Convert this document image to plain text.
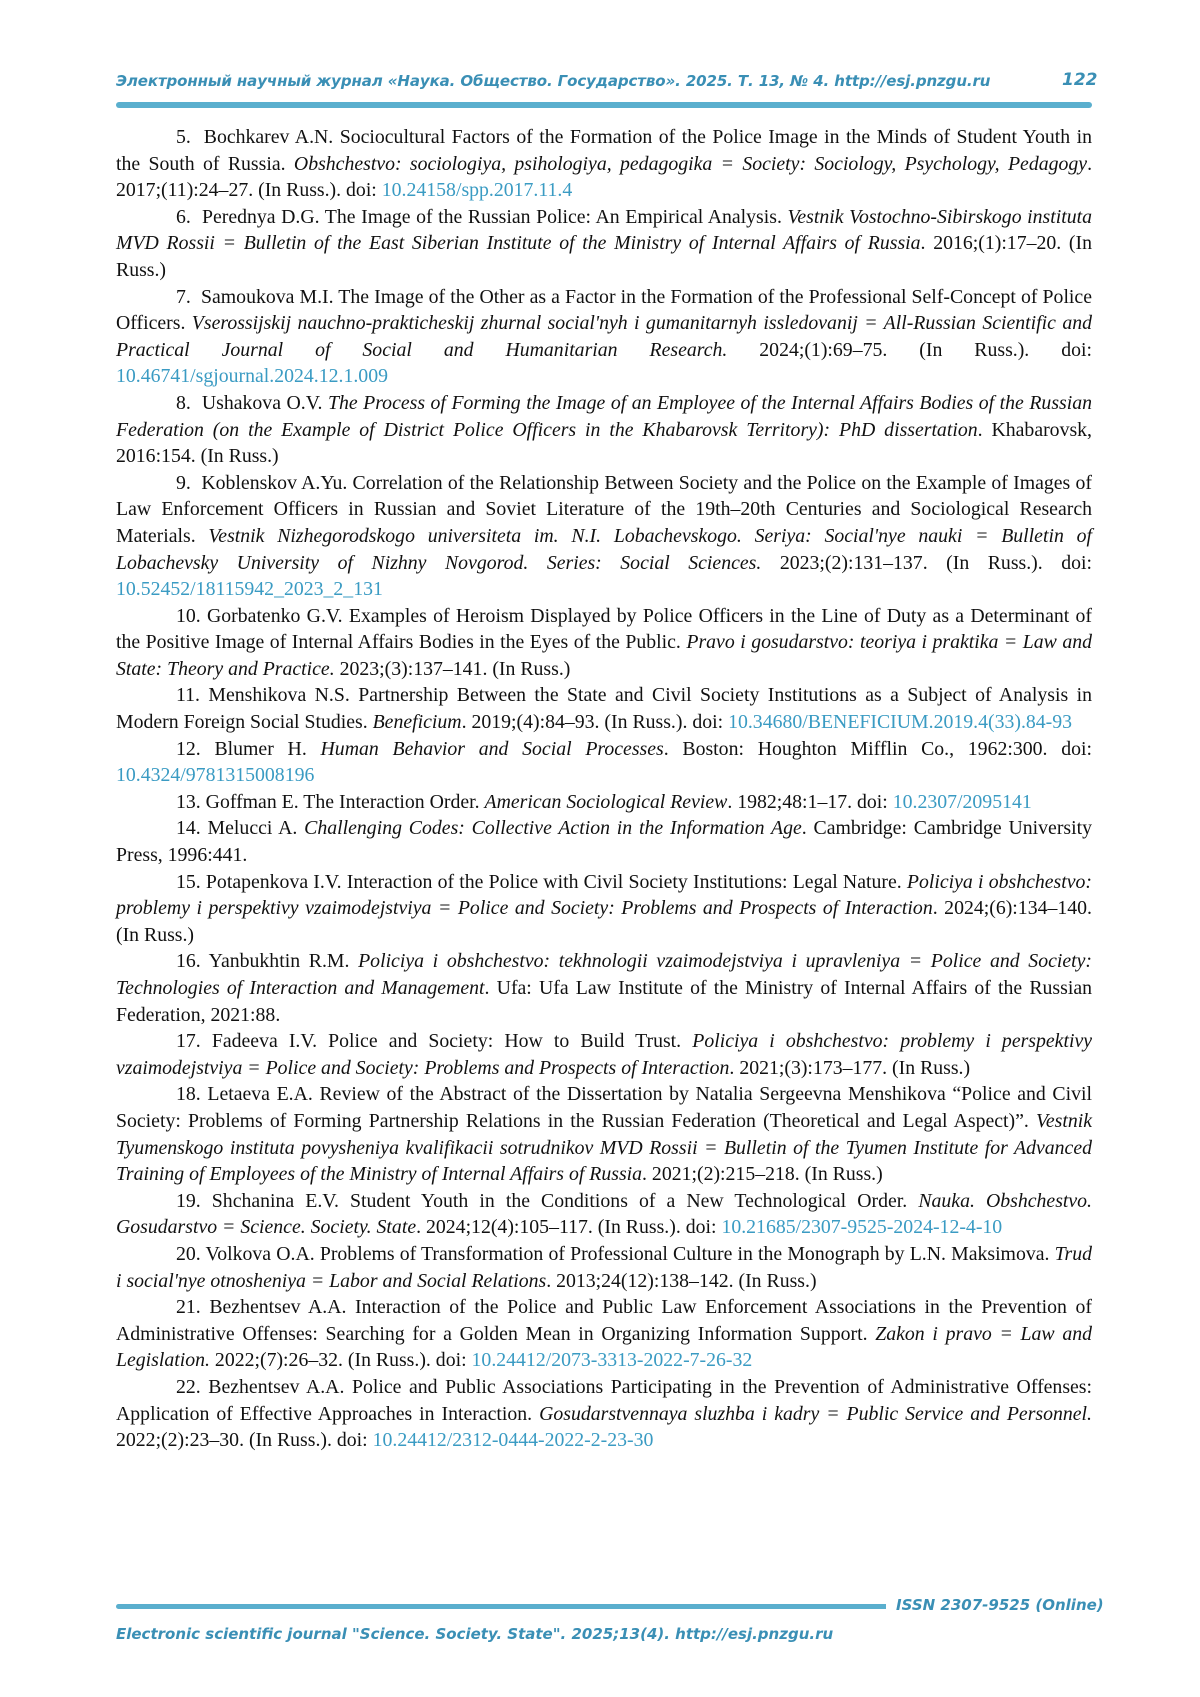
Электронный научный журнал «Наука. Общество. Государство». 2025. Т. 13, № 4. http://esj.pnzgu.ru	122

5.  Bochkarev A.N. Sociocultural Factors of the Formation of the Police Image in the Minds of Student Youth in the South of Russia. Obshchestvo: sociologiya, psihologiya, pedagogika = Society: Sociology, Psychology, Pedagogy. 2017;(11):24–27. (In Russ.). doi: 10.24158/spp.2017.11.4

6.  Perednya D.G. The Image of the Russian Police: An Empirical Analysis. Vestnik Vostochno-Sibirskogo instituta MVD Rossii = Bulletin of the East Siberian Institute of the Ministry of Internal Affairs of Russia. 2016;(1):17–20. (In Russ.)

7.  Samoukova M.I. The Image of the Other as a Factor in the Formation of the Professional Self-Concept of Police Officers. Vserossijskij nauchno-prakticheskij zhurnal social'nyh i gumanitarnyh issledovanij = All-Russian Scientific and Practical Journal of Social and Humanitarian Research. 2024;(1):69–75. (In Russ.). doi: 10.46741/sgjournal.2024.12.1.009

8.  Ushakova O.V. The Process of Forming the Image of an Employee of the Internal Affairs Bodies of the Russian Federation (on the Example of District Police Officers in the Khabarovsk Territory): PhD dissertation. Khabarovsk, 2016:154. (In Russ.)

9.  Koblenskov A.Yu. Correlation of the Relationship Between Society and the Police on the Example of Images of Law Enforcement Officers in Russian and Soviet Literature of the 19th–20th Centuries and Sociological Research Materials. Vestnik Nizhegorodskogo universiteta im. N.I. Lobachevskogo. Seriya: Social'nye nauki = Bulletin of Lobachevsky University of Nizhny Novgorod. Series: Social Sciences. 2023;(2):131–137. (In Russ.). doi: 10.52452/18115942_2023_2_131

10. Gorbatenko G.V. Examples of Heroism Displayed by Police Officers in the Line of Duty as a Determinant of the Positive Image of Internal Affairs Bodies in the Eyes of the Public. Pravo i gosudarstvo: teoriya i praktika = Law and State: Theory and Practice. 2023;(3):137–141. (In Russ.)

11. Menshikova N.S. Partnership Between the State and Civil Society Institutions as a Subject of Analysis in Modern Foreign Social Studies. Beneficium. 2019;(4):84–93. (In Russ.). doi: 10.34680/BENEFICIUM.2019.4(33).84-93

12. Blumer H. Human Behavior and Social Processes. Boston: Houghton Mifflin Co., 1962:300. doi: 10.4324/9781315008196

13. Goffman E. The Interaction Order. American Sociological Review. 1982;48:1–17. doi: 10.2307/2095141

14. Melucci A. Challenging Codes: Collective Action in the Information Age. Cambridge: Cambridge University Press, 1996:441.

15. Potapenkova I.V. Interaction of the Police with Civil Society Institutions: Legal Nature. Policiya i obshchestvo: problemy i perspektivy vzaimodejstviya = Police and Society: Problems and Prospects of Interaction. 2024;(6):134–140. (In Russ.)

16. Yanbukhtin R.M. Policiya i obshchestvo: tekhnologii vzaimodejstviya i upravleniya = Police and Society: Technologies of Interaction and Management. Ufa: Ufa Law Institute of the Ministry of Internal Affairs of the Russian Federation, 2021:88.

17. Fadeeva I.V. Police and Society: How to Build Trust. Policiya i obshchestvo: problemy i perspektivy vzaimodejstviya = Police and Society: Problems and Prospects of Interaction. 2021;(3):173–177. (In Russ.)

18. Letaeva E.A. Review of the Abstract of the Dissertation by Natalia Sergeevna Menshikova “Police and Civil Society: Problems of Forming Partnership Relations in the Russian Federation (Theoretical and Legal Aspect)”. Vestnik Tyumenskogo instituta povysheniya kvalifikacii sotrudnikov MVD Rossii = Bulletin of the Tyumen Institute for Advanced Training of Employees of the Ministry of Internal Affairs of Russia. 2021;(2):215–218. (In Russ.)

19. Shchanina E.V. Student Youth in the Conditions of a New Technological Order. Nauka. Obshchestvo. Gosudarstvo = Science. Society. State. 2024;12(4):105–117. (In Russ.). doi: 10.21685/2307-9525-2024-12-4-10

20. Volkova O.A. Problems of Transformation of Professional Culture in the Monograph by L.N. Maksimova. Trud i social'nye otnosheniya = Labor and Social Relations. 2013;24(12):138–142. (In Russ.)

21. Bezhentsev A.A. Interaction of the Police and Public Law Enforcement Associations in the Prevention of Administrative Offenses: Searching for a Golden Mean in Organizing Information Support. Zakon i pravo = Law and Legislation. 2022;(7):26–32. (In Russ.). doi: 10.24412/2073-3313-2022-7-26-32

22. Bezhentsev A.A. Police and Public Associations Participating in the Prevention of Administrative Offenses: Application of Effective Approaches in Interaction. Gosudarstvennaya sluzhba i kadry = Public Service and Personnel. 2022;(2):23–30. (In Russ.). doi: 10.24412/2312-0444-2022-2-23-30

ISSN 2307-9525 (Online)
Electronic scientific journal "Science. Society. State". 2025;13(4). http://esj.pnzgu.ru
